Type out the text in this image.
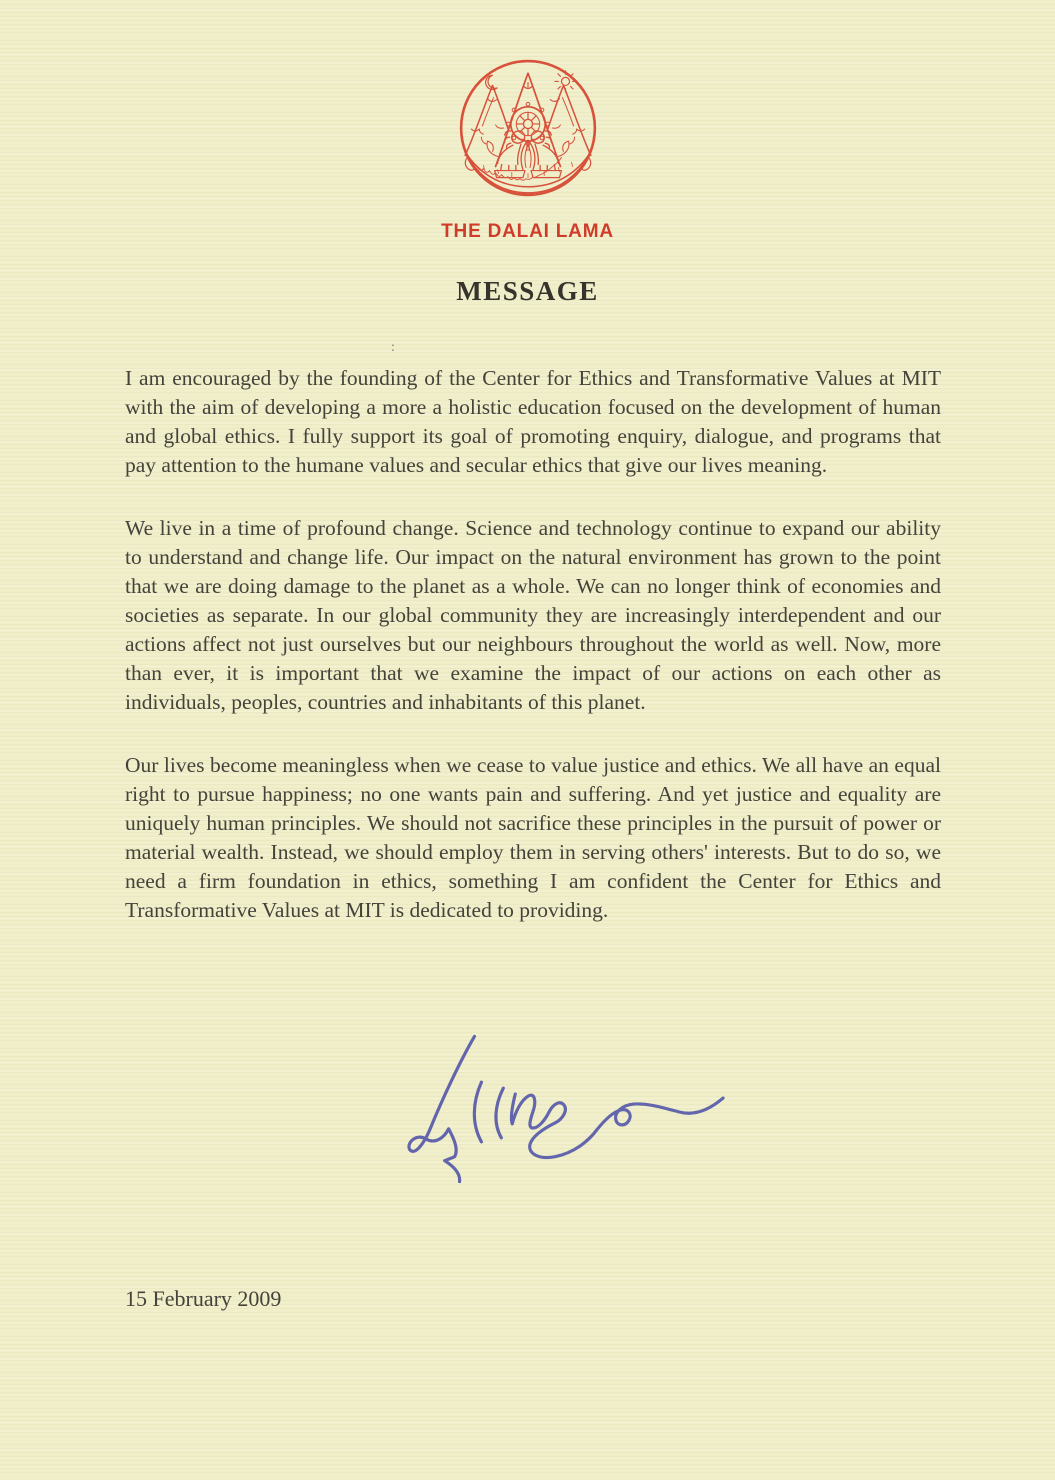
THE DALAI LAMA
MESSAGE
:

I am encouraged by the founding of the Center for Ethics and Transformative Values at MIT with the aim of developing a more a holistic education focused on the development of human and global ethics. I fully support its goal of promoting enquiry, dialogue, and programs that pay attention to the humane values and secular ethics that give our lives meaning.

We live in a time of profound change. Science and technology continue to expand our ability to understand and change life. Our impact on the natural environment has grown to the point that we are doing damage to the planet as a whole. We can no longer think of economies and societies as separate. In our global community they are increasingly interdependent and our actions affect not just ourselves but our neighbours throughout the world as well. Now, more than ever, it is important that we examine the impact of our actions on each other as individuals, peoples, countries and inhabitants of this planet.

Our lives become meaningless when we cease to value justice and ethics. We all have an equal right to pursue happiness; no one wants pain and suffering. And yet justice and equality are uniquely human principles. We should not sacrifice these principles in the pursuit of power or material wealth. Instead, we should employ them in serving others' interests. But to do so, we need a firm foundation in ethics, something I am confident the Center for Ethics and Transformative Values at MIT is dedicated to providing.

15 February 2009
